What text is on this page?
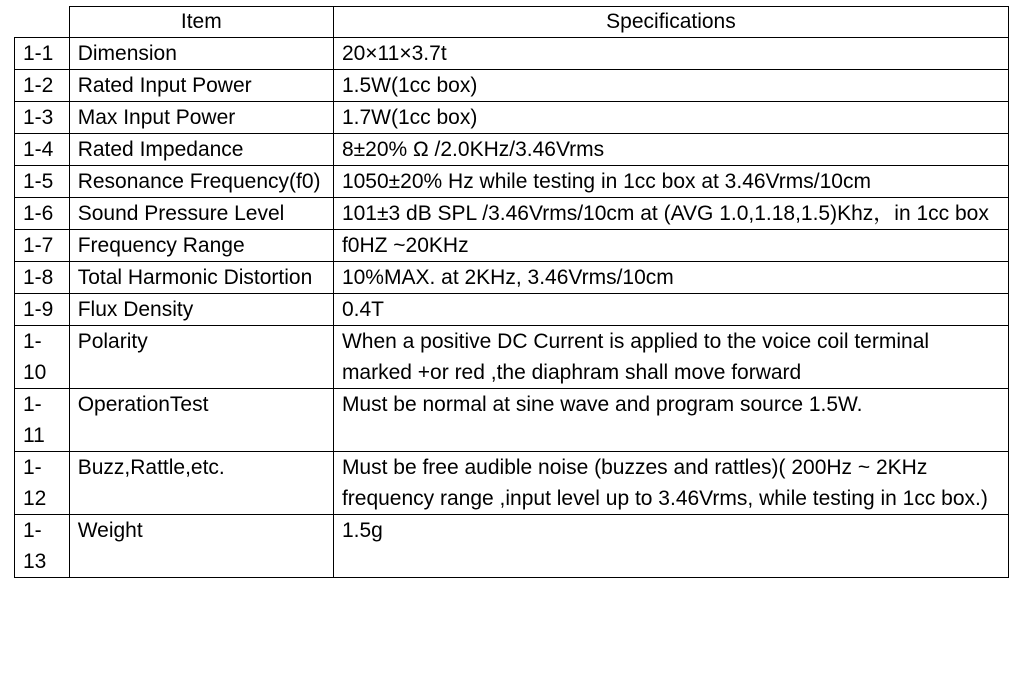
	Item	Specifications
1-1	Dimension	20×11×3.7t
1-2	Rated Input Power	1.5W(1cc box)
1-3	Max Input Power	1.7W(1cc box)
1-4	Rated Impedance	8±20% Ω /2.0KHz/3.46Vrms
1-5	Resonance Frequency(f0)	1050±20% Hz while testing in 1cc box at 3.46Vrms/10cm
1-6	Sound Pressure Level	101±3 dB SPL /3.46Vrms/10cm at (AVG 1.0,1.18,1.5)Khz，in 1cc box
1-7	Frequency Range	f0HZ ~20KHz
1-8	Total Harmonic Distortion	10%MAX. at 2KHz, 3.46Vrms/10cm
1-9	Flux Density	0.4T
1-10	Polarity	When a positive DC Current is applied to the voice coil terminal marked +or red ,the diaphram shall move forward
1-11	OperationTest	Must be normal at sine wave and program source 1.5W.
1-12	Buzz,Rattle,etc.	Must be free audible noise (buzzes and rattles)( 200Hz ~ 2KHz frequency range ,input level up to 3.46Vrms, while testing in 1cc box.)
1-13	Weight	1.5g
